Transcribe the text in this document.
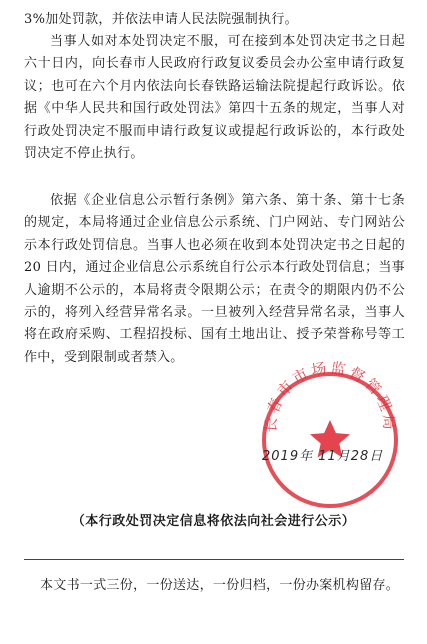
3%加处罚款，并依法申请人民法院强制执行。

当事人如对本处罚决定不服，可在接到本处罚决定书之日起六十日内，向长春市人民政府行政复议委员会办公室申请行政复议；也可在六个月内依法向长春铁路运输法院提起行政诉讼。依据《中华人民共和国行政处罚法》第四十五条的规定，当事人对行政处罚决定不服而申请行政复议或提起行政诉讼的，本行政处罚决定不停止执行。

依据《企业信息公示暂行条例》第六条、第十条、第十七条的规定，本局将通过企业信息公示系统、门户网站、专门网站公示本行政处罚信息。当事人也必须在收到本处罚决定书之日起的 20 日内，通过企业信息公示系统自行公示本行政处罚信息；当事人逾期不公示的，本局将责令限期公示；在责令的期限内仍不公示的，将列入经营异常名录。一旦被列入经营异常名录，当事人将在政府采购、工程招投标、国有土地出让、授予荣誉称号等工作中，受到限制或者禁入。

长春市市场监督管理局
2019年 11月28日
（本行政处罚决定信息将依法向社会进行公示）
本文书一式三份，一份送达，一份归档，一份办案机构留存。
